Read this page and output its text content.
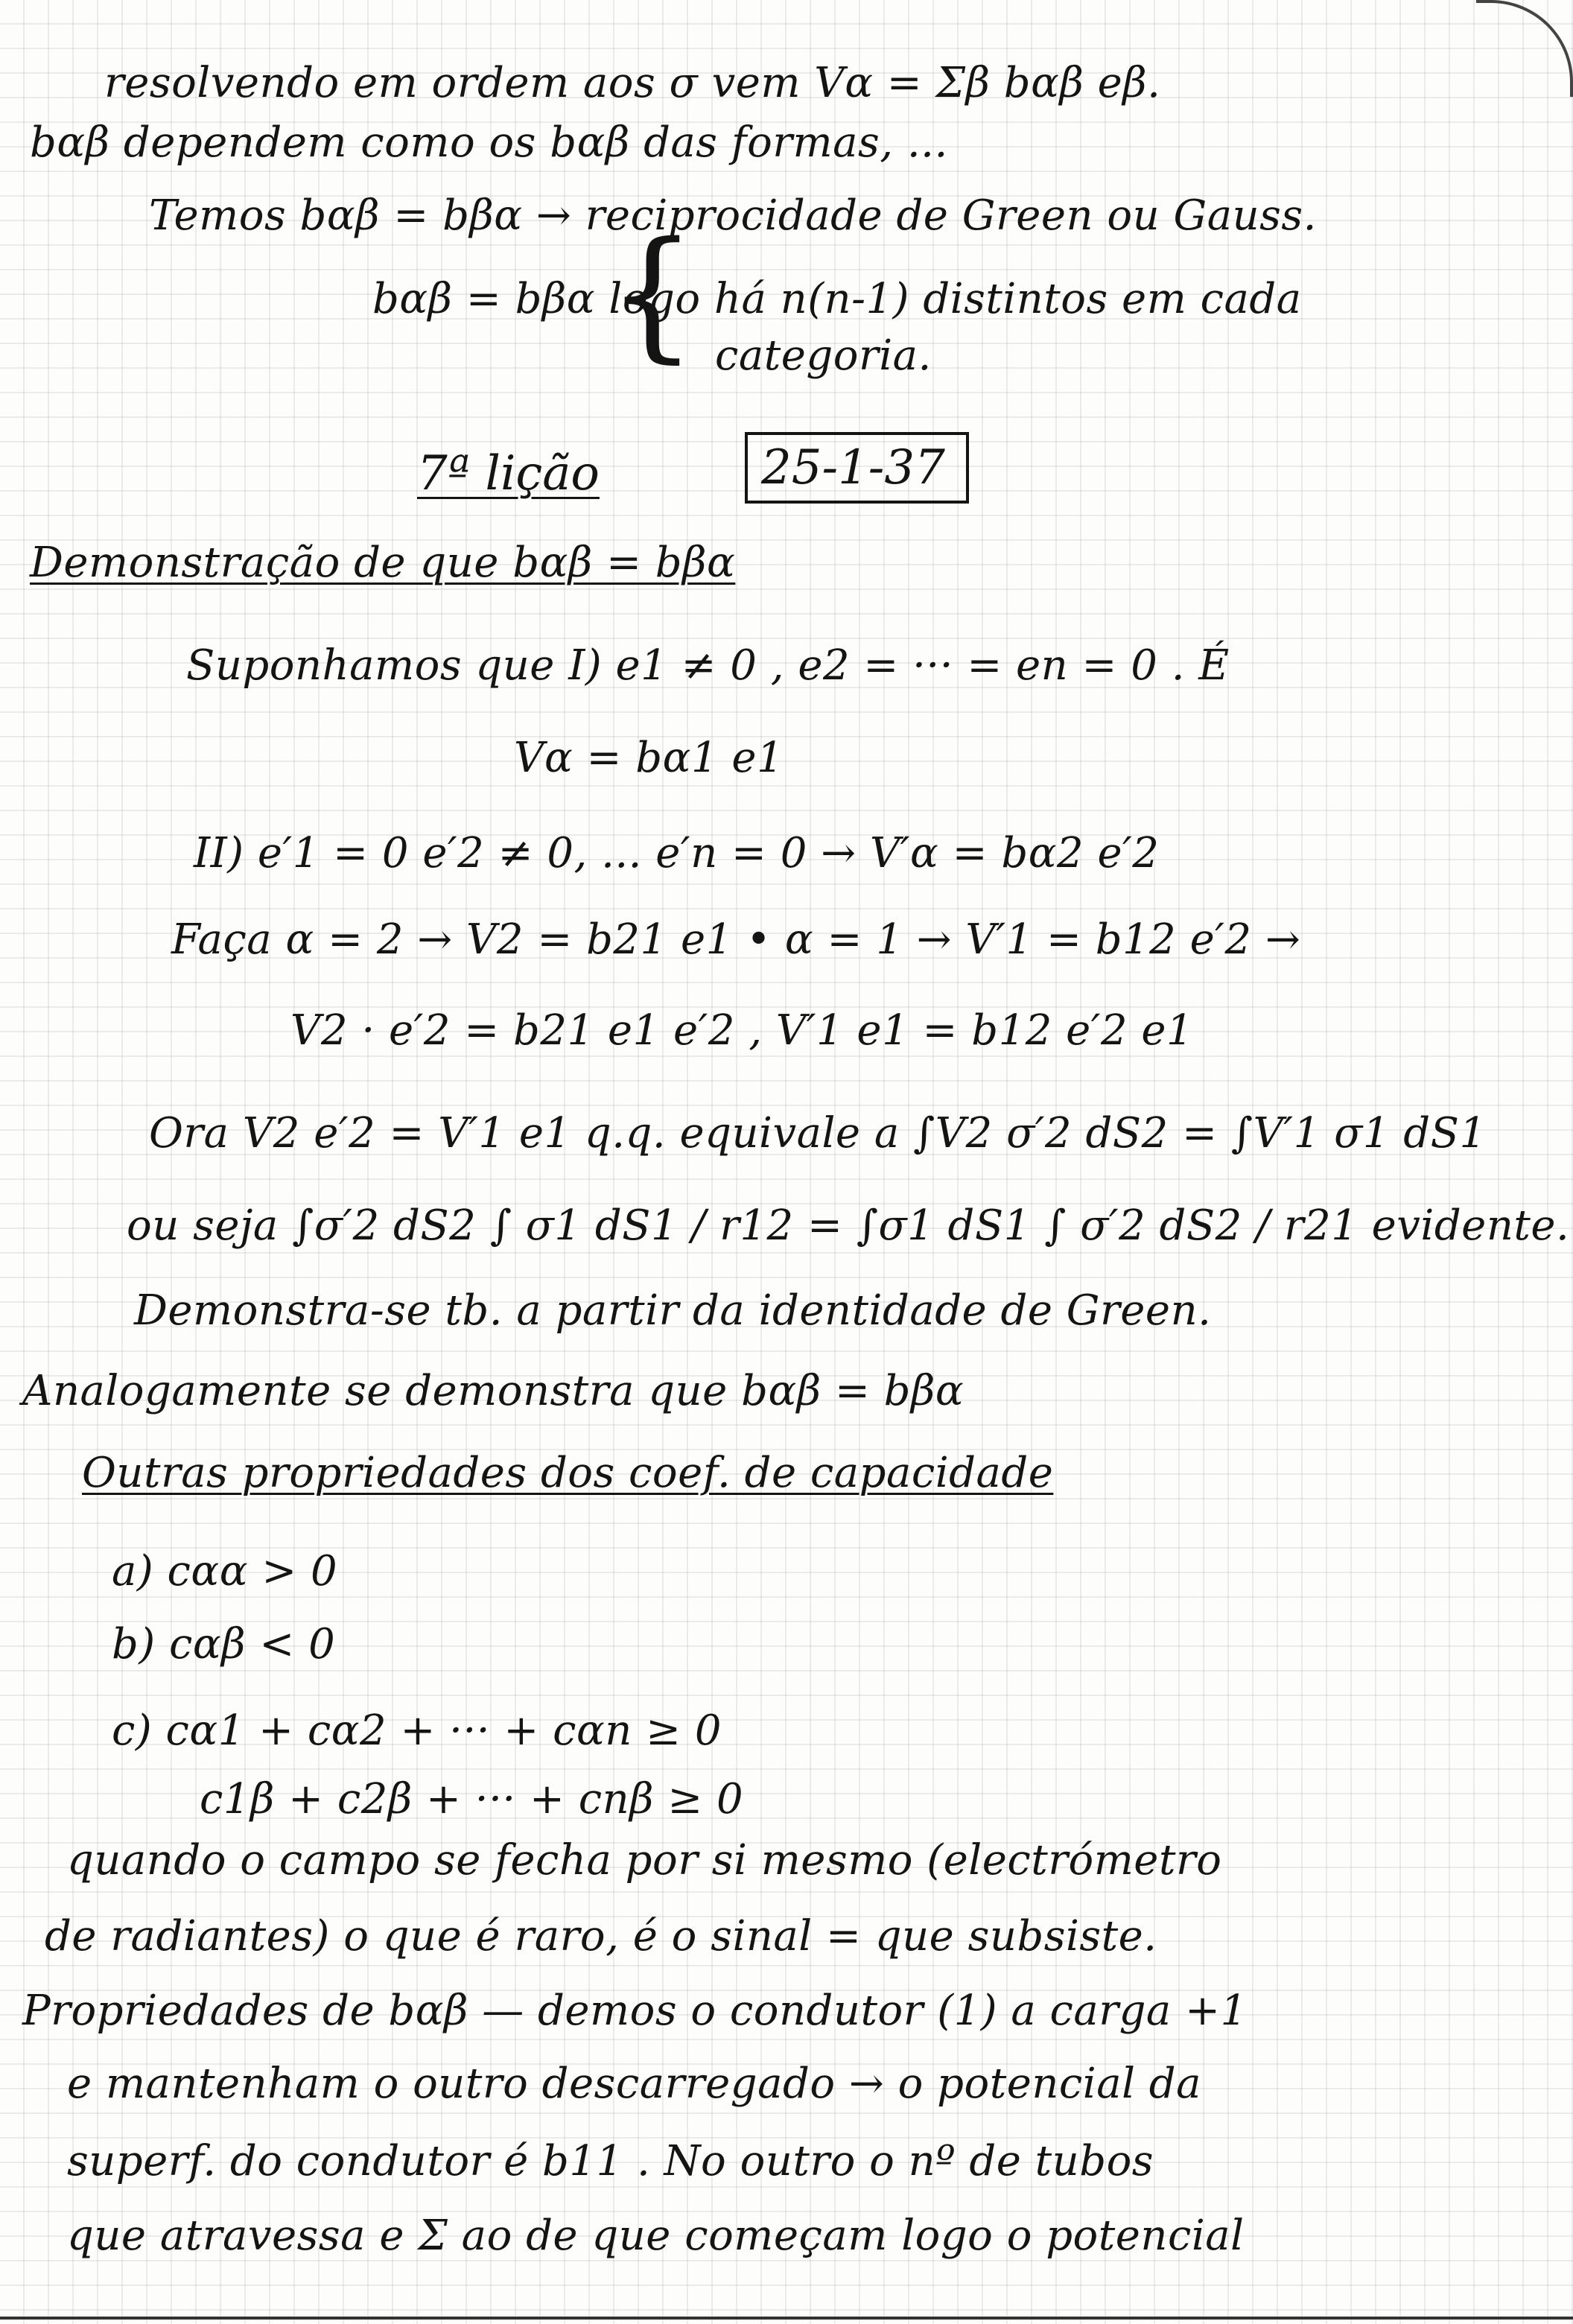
resolvendo em ordem aos σ vem Vα = Σβ bαβ eβ.
bαβ dependem como os bαβ das formas, ...
Temos bαβ = bβα → reciprocidade de Green ou Gauss.
bαβ = bβα logo há n(n-1) distintos em cada
{ categoria.
7ª lição	25-1-37
Demonstração de que bαβ = bβα
Suponhamos que I) e1 ≠ 0 , e2 = ··· = en = 0 . É
Vα = bα1 e1
II) e′1 = 0 e′2 ≠ 0, ... e′n = 0 → V′α = bα2 e′2
Faça α = 2 → V2 = b21 e1 • α = 1 → V′1 = b12 e′2 →
V2 · e′2 = b21 e1 e′2 , V′1 e1 = b12 e′2 e1
Ora V2 e′2 = V′1 e1 q.q. equivale a ∫V2 σ′2 dS2 = ∫V′1 σ1 dS1
ou seja ∫σ′2 dS2 ∫ σ1 dS1 / r12 = ∫σ1 dS1 ∫ σ′2 dS2 / r21 evidente.
Demonstra-se tb. a partir da identidade de Green.
Analogamente se demonstra que bαβ = bβα
Outras propriedades dos coef. de capacidade
a) cαα > 0
b) cαβ < 0
c) cα1 + cα2 + ··· + cαn ≥ 0
c1β + c2β + ··· + cnβ ≥ 0
quando o campo se fecha por si mesmo (electrómetro
de radiantes) o que é raro, é o sinal = que subsiste.
Propriedades de bαβ — demos o condutor (1) a carga +1
e mantenham o outro descarregado → o potencial da
superf. do condutor é b11 . No outro o nº de tubos
que atravessa e Σ ao de que começam logo o potencial
